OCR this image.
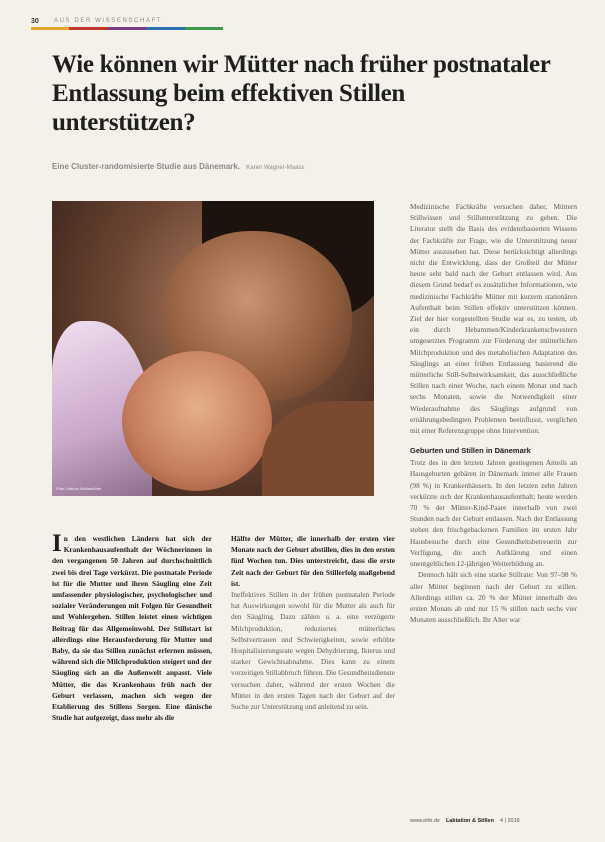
30	AUS DER WISSENSCHAFT
Wie können wir Mütter nach früher postnataler Entlassung beim effektiven Stillen unterstützen?
Eine Cluster-randomisierte Studie aus Dänemark. Karen Wagner-Maass
Foto: Kathrin Wellenhöfer
I n den westlichen Ländern hat sich der Krankenhausaufenthalt der Wöchnerinnen in den vergangenen 50 Jahren auf durchschnittlich zwei bis drei Tage verkürzt. Die postnatale Periode ist für die Mutter und ihren Säugling eine Zeit umfassender physiologischer, psychologischer und sozialer Veränderungen mit Folgen für Gesundheit und Wohlergehen. Stillen leistet einen wichtigen Beitrag für das Allgemeinwohl. Der Stillstart ist allerdings eine Herausforderung für Mutter und Baby, da sie das Stillen zunächst erlernen müssen, während sich die Milchproduktion steigert und der Säugling sich an die Außenwelt anpasst. Viele Mütter, die das Krankenhaus früh nach der Geburt verlassen, machen sich wegen der Etablierung des Stillens Sorgen. Eine dänische Studie hat aufgezeigt, dass mehr als die

Hälfte der Mütter, die innerhalb der ersten vier Monate nach der Geburt abstillen, dies in den ersten fünf Wochen tun. Dies unterstreicht, dass die erste Zeit nach der Geburt für den Stillerfolg maßgebend ist.

Ineffektives Stillen in der frühen postnatalen Periode hat Auswirkungen sowohl für die Mutter als auch für den Säugling. Dazu zählen u. a. eine verzögerte Milchproduktion, reduziertes mütterliches Selbstvertrauen und Schwierigkeiten, sowie erhöhte Hospitalisierungsrate wegen Dehydrierung, Ikterus und starker Gewichtsabnahme. Dies kann zu einem vorzeitigen Stillabbruch führen. Die Gesundheitsdienste versuchen daher, während der ersten Wochen die Mütter in den ersten Tagen nach der Geburt auf der Suche zur Unterstützung und anleitend zu sein.

Medizinische Fachkräfte versuchen daher, Müttern Stillwissen und Stillunterstützung zu geben. Die Literatur stellt die Basis des evidenzbasierten Wissens der Fachkräfte zur Frage, wie die Unterstützung neuer Mütter auszusehen hat. Diese berücksichtigt allerdings nicht die Entwicklung, dass der Großteil der Mütter heute sehr bald nach der Geburt entlassen wird. Aus diesem Grund bedarf es zusätzlicher Informationen, wie medizinische Fachkräfte Mütter mit kurzem stationären Aufenthalt beim Stillen effektiv unterstützen können. Ziel der hier vorgestellten Studie war es, zu testen, ob ein durch Hebammen/Kinderkrankenschwestern umgesetztes Programm zur Förderung der mütterlichen Milchproduktion und des metabolischen Adaptation des Säuglings an einer frühen Entlassung basierend die mütterliche Still-Selbstwirksamkeit, das ausschließliche Stillen nach einer Woche, nach einem Monat und nach sechs Monaten, sowie die Notwendigkeit einer Wiederaufnahme des Säuglings aufgrund von ernährungsbedingten Problemen beeinflusst, verglichen mit einer Referenzgruppe ohne Intervention.

Geburten und Stillen in Dänemark

Trotz des in den letzten Jahren gestiegenen Anteils an Hausgeburten gebären in Dänemark immer alle Frauen (98 %) in Krankenhäusern. In den letzten zehn Jahren verkürzte sich der Krankenhausaufenthalt; heute werden 70 % der Mütter-Kind-Paare innerhalb von zwei Stunden nach der Geburt entlassen. Nach der Entlassung stehen den frischgebackenen Familien im ersten Jahr Hausbesuche durch eine Gesundheitsbetreuerin zur Verfügung, die auch Aufklärung und einen unentgeltlichen 12-jährigen Weiterbildung an.

Dennoch hält sich eine starke Stillrate: Von 97–98 % aller Mütter beginnen nach der Geburt zu stillen. Allerdings stillen ca. 20 % der Mütter innerhalb des ersten Monats ab und nur 15 % stillen nach sechs vier Monaten ausschließlich. Ihr Alter war

www.ehb.de Laktation & Stillen 4 | 2016
